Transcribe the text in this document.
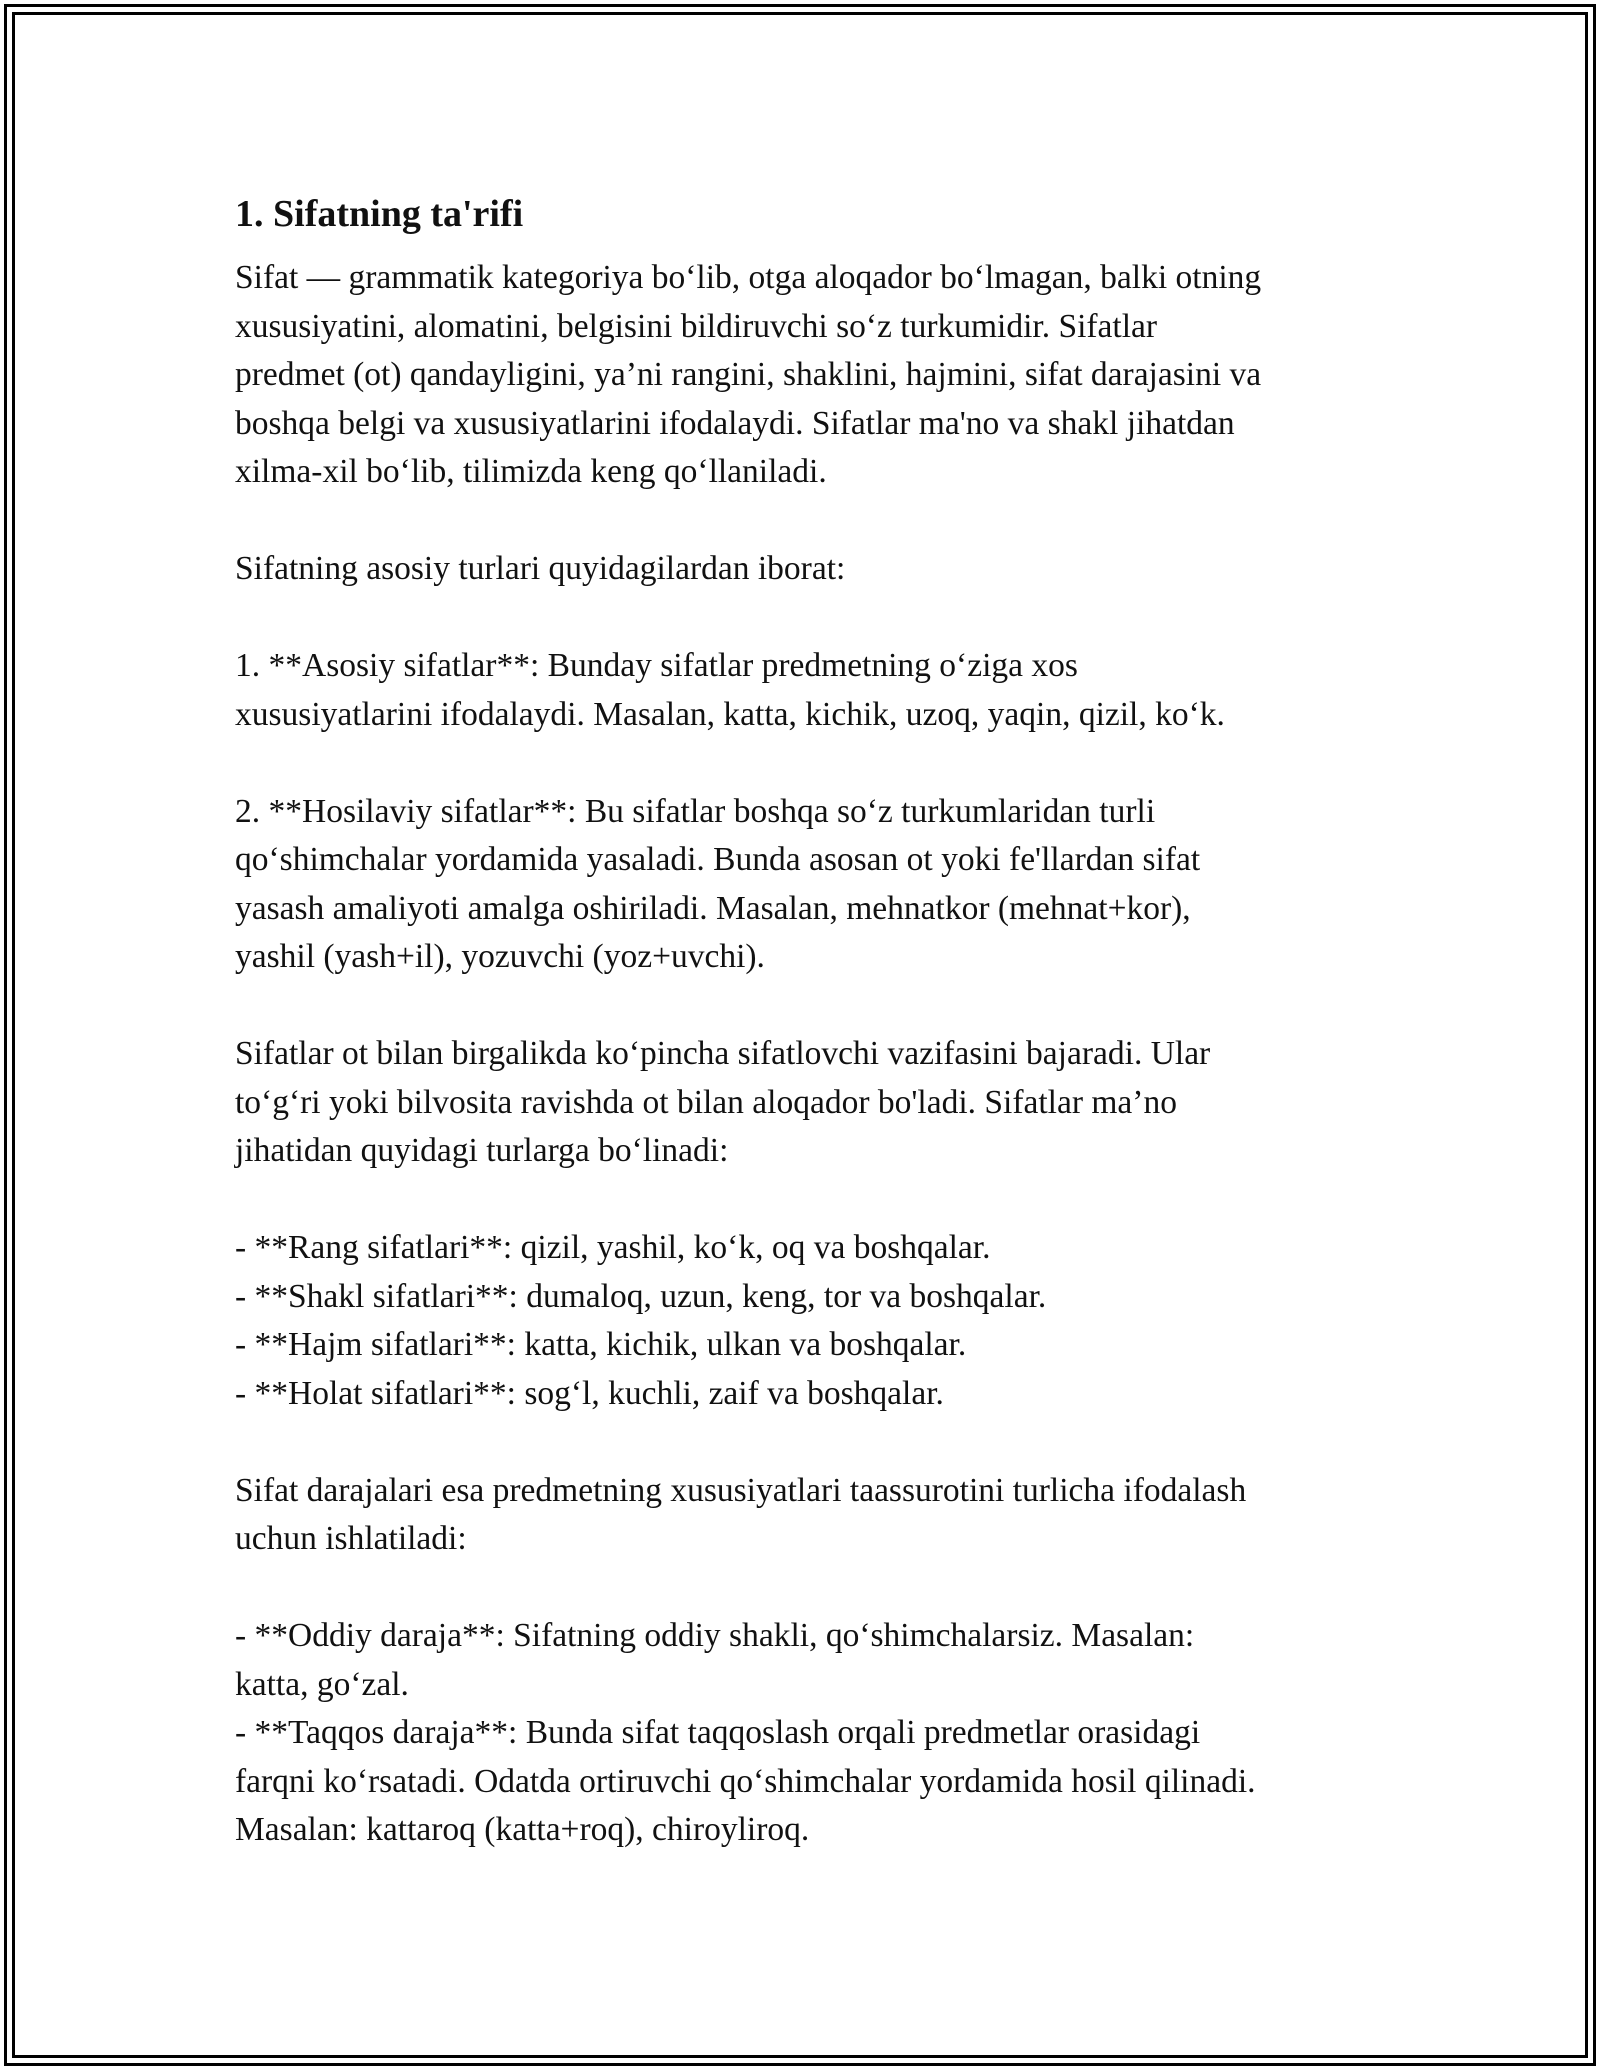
1. Sifatning ta'rifi

Sifat — grammatik kategoriya bo‘lib, otga aloqador bo‘lmagan, balki otning
xususiyatini, alomatini, belgisini bildiruvchi so‘z turkumidir. Sifatlar
predmet (ot) qandayligini, ya’ni rangini, shaklini, hajmini, sifat darajasini va
boshqa belgi va xususiyatlarini ifodalaydi. Sifatlar ma'no va shakl jihatdan
xilma-xil bo‘lib, tilimizda keng qo‘llaniladi.

Sifatning asosiy turlari quyidagilardan iborat:

1. **Asosiy sifatlar**: Bunday sifatlar predmetning o‘ziga xos
xususiyatlarini ifodalaydi. Masalan, katta, kichik, uzoq, yaqin, qizil, ko‘k.

2. **Hosilaviy sifatlar**: Bu sifatlar boshqa so‘z turkumlaridan turli
qo‘shimchalar yordamida yasaladi. Bunda asosan ot yoki fe'llardan sifat
yasash amaliyoti amalga oshiriladi. Masalan, mehnatkor (mehnat+kor),
yashil (yash+il), yozuvchi (yoz+uvchi).

Sifatlar ot bilan birgalikda ko‘pincha sifatlovchi vazifasini bajaradi. Ular
to‘g‘ri yoki bilvosita ravishda ot bilan aloqador bo'ladi. Sifatlar ma’no
jihatidan quyidagi turlarga bo‘linadi:

- **Rang sifatlari**: qizil, yashil, ko‘k, oq va boshqalar.
- **Shakl sifatlari**: dumaloq, uzun, keng, tor va boshqalar.
- **Hajm sifatlari**: katta, kichik, ulkan va boshqalar.
- **Holat sifatlari**: sog‘l, kuchli, zaif va boshqalar.

Sifat darajalari esa predmetning xususiyatlari taassurotini turlicha ifodalash
uchun ishlatiladi:

- **Oddiy daraja**: Sifatning oddiy shakli, qo‘shimchalarsiz. Masalan:
katta, go‘zal.
- **Taqqos daraja**: Bunda sifat taqqoslash orqali predmetlar orasidagi
farqni ko‘rsatadi. Odatda ortiruvchi qo‘shimchalar yordamida hosil qilinadi.
Masalan: kattaroq (katta+roq), chiroyliroq.
